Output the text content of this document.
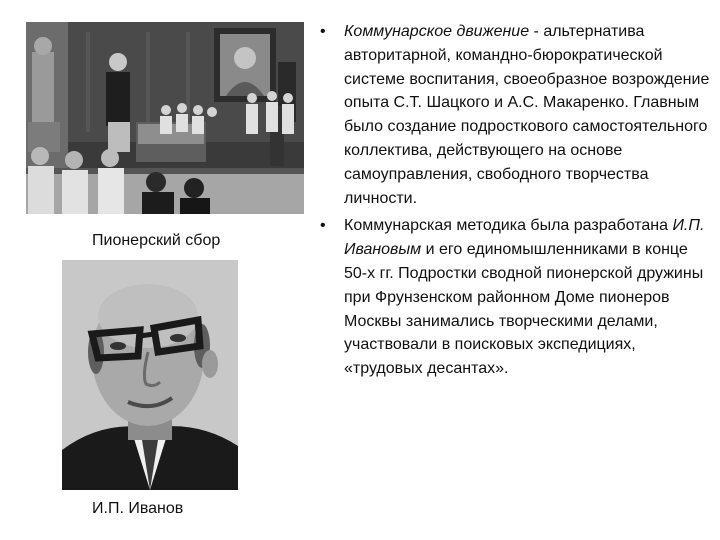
Пионерский сбор
И.П. Иванов
• Коммунарское движение - альтернатива авторитарной, командно-бюрократической системе воспитания, своеобразное возрождение опыта С.Т. Шацкого и А.С. Макаренко. Главным было создание подросткового самостоятельного коллектива, действующего на основе самоуправления, свободного творчества личности.
• Коммунарская методика была разработана И.П. Ивановым и его единомышленниками в конце 50-х гг. Подростки сводной пионерской дружины при Фрунзенском районном Доме пионеров Москвы занимались творческими делами, участвовали в поисковых экспедициях, «трудовых десантах».
